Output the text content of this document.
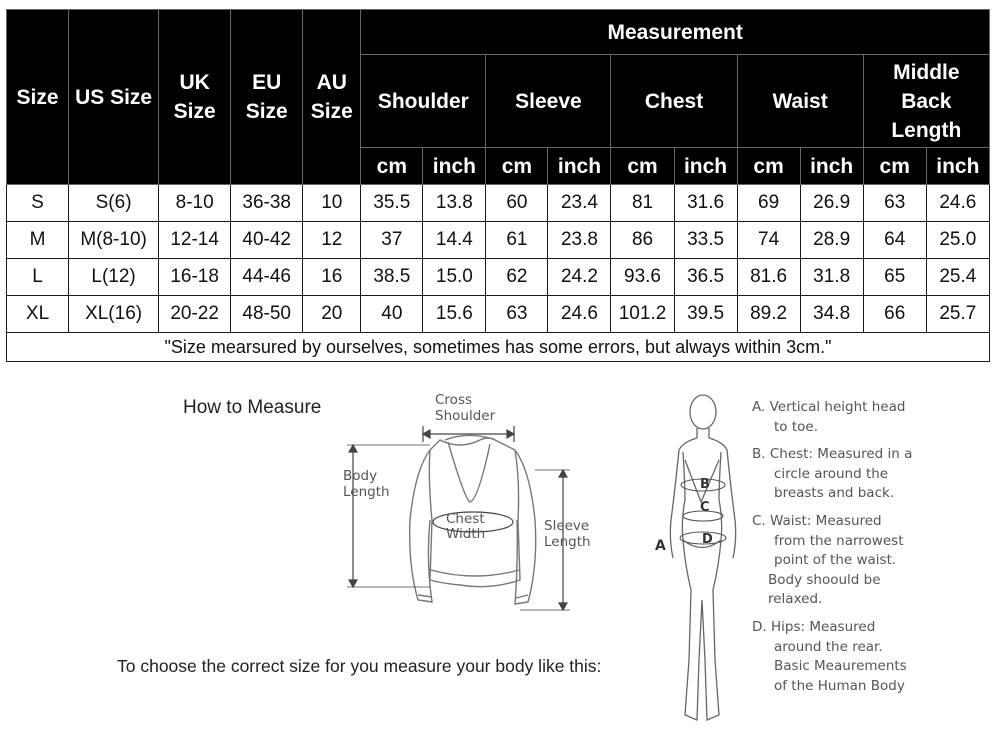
Size	US Size	UK Size	EU Size	AU Size	Measurement									
					Shoulder		Sleeve		Chest		Waist		Middle Back Length	
					cm	inch	cm	inch	cm	inch	cm	inch	cm	inch
S	S(6)	8-10	36-38	10	35.5	13.8	60	23.4	81	31.6	69	26.9	63	24.6
M	M(8-10)	12-14	40-42	12	37	14.4	61	23.8	86	33.5	74	28.9	64	25.0
L	L(12)	16-18	44-46	16	38.5	15.0	62	24.2	93.6	36.5	81.6	31.8	65	25.4
XL	XL(16)	20-22	48-50	20	40	15.6	63	24.6	101.2	39.5	89.2	34.8	66	25.7
"Size mearsured by ourselves, sometimes has some errors, but always within 3cm."														
How to Measure
To choose the correct size for you measure your body like this:
Cross
Shoulder
Body
Length
Chest
Width	Sleeve
Length	A
B
C
D
A. Vertical height head
to toe.
B. Chest: Measured in a
circle around the
breasts and back.
C. Waist: Measured
from the narrowest
point of the waist.
Body shoould be
relaxed.
D. Hips: Measured
around the rear.
Basic Meaurements
of the Human Body
